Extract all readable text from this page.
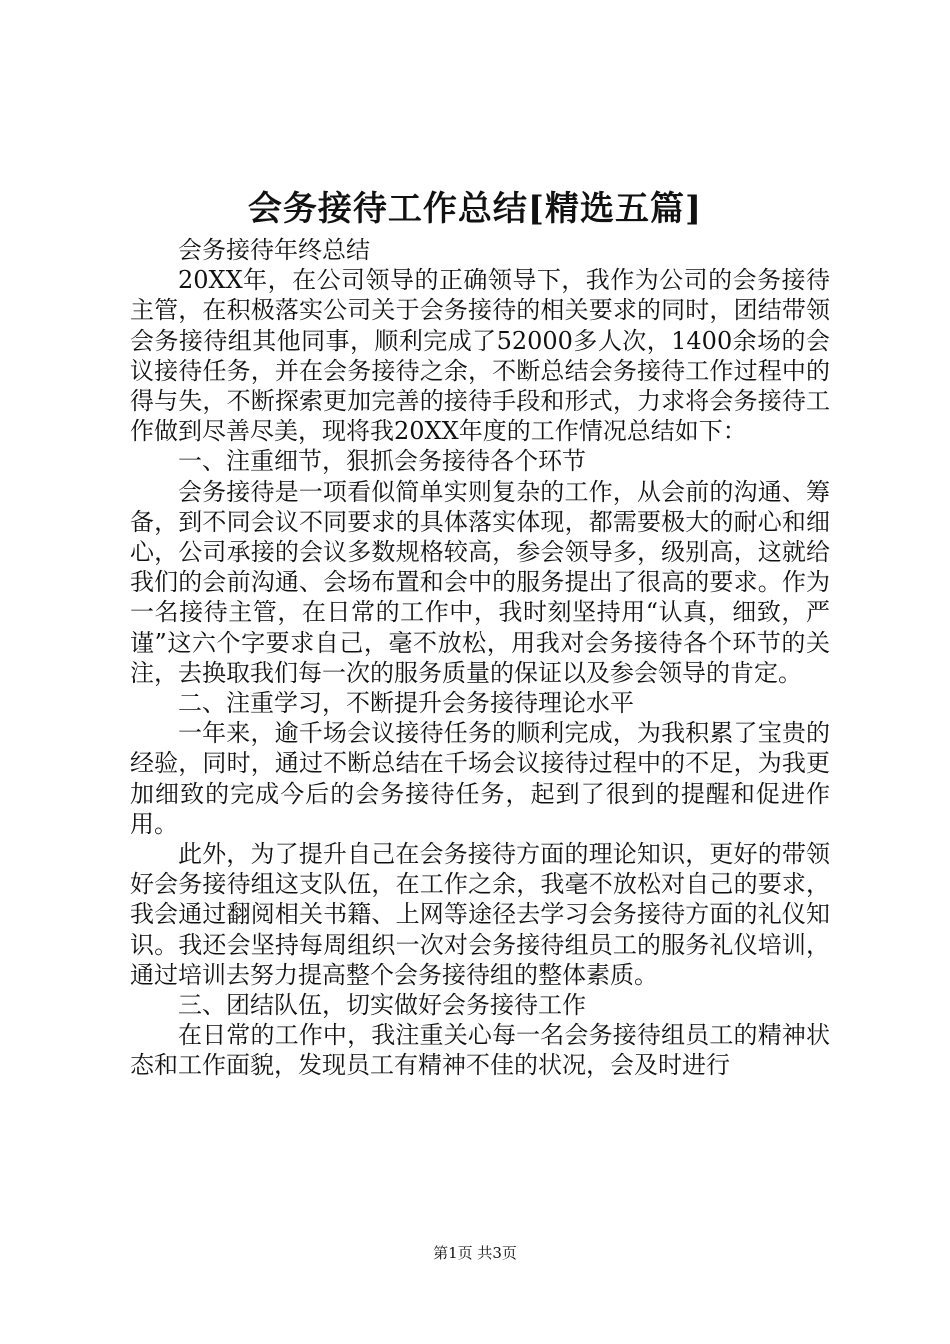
会务接待工作总结[精选五篇]

会务接待年终总结

20XX年，在公司领导的正确领导下，我作为公司的会务接待主管，在积极落实公司关于会务接待的相关要求的同时，团结带领会务接待组其他同事，顺利完成了52000多人次，1400余场的会议接待任务，并在会务接待之余，不断总结会务接待工作过程中的得与失，不断探索更加完善的接待手段和形式，力求将会务接待工作做到尽善尽美，现将我20XX年度的工作情况总结如下：

一、注重细节，狠抓会务接待各个环节

会务接待是一项看似简单实则复杂的工作，从会前的沟通、筹备，到不同会议不同要求的具体落实体现，都需要极大的耐心和细心，公司承接的会议多数规格较高，参会领导多，级别高，这就给我们的会前沟通、会场布置和会中的服务提出了很高的要求。作为一名接待主管，在日常的工作中，我时刻坚持用“认真，细致，严谨”这六个字要求自己，毫不放松，用我对会务接待各个环节的关注，去换取我们每一次的服务质量的保证以及参会领导的肯定。

二、注重学习，不断提升会务接待理论水平

一年来，逾千场会议接待任务的顺利完成，为我积累了宝贵的经验，同时，通过不断总结在千场会议接待过程中的不足，为我更加细致的完成今后的会务接待任务，起到了很到的提醒和促进作用。

此外，为了提升自己在会务接待方面的理论知识，更好的带领好会务接待组这支队伍，在工作之余，我毫不放松对自己的要求，我会通过翻阅相关书籍、上网等途径去学习会务接待方面的礼仪知识。我还会坚持每周组织一次对会务接待组员工的服务礼仪培训，通过培训去努力提高整个会务接待组的整体素质。

三、团结队伍，切实做好会务接待工作

在日常的工作中，我注重关心每一名会务接待组员工的精神状态和工作面貌，发现员工有精神不佳的状况，会及时进行

第1页 共3页
